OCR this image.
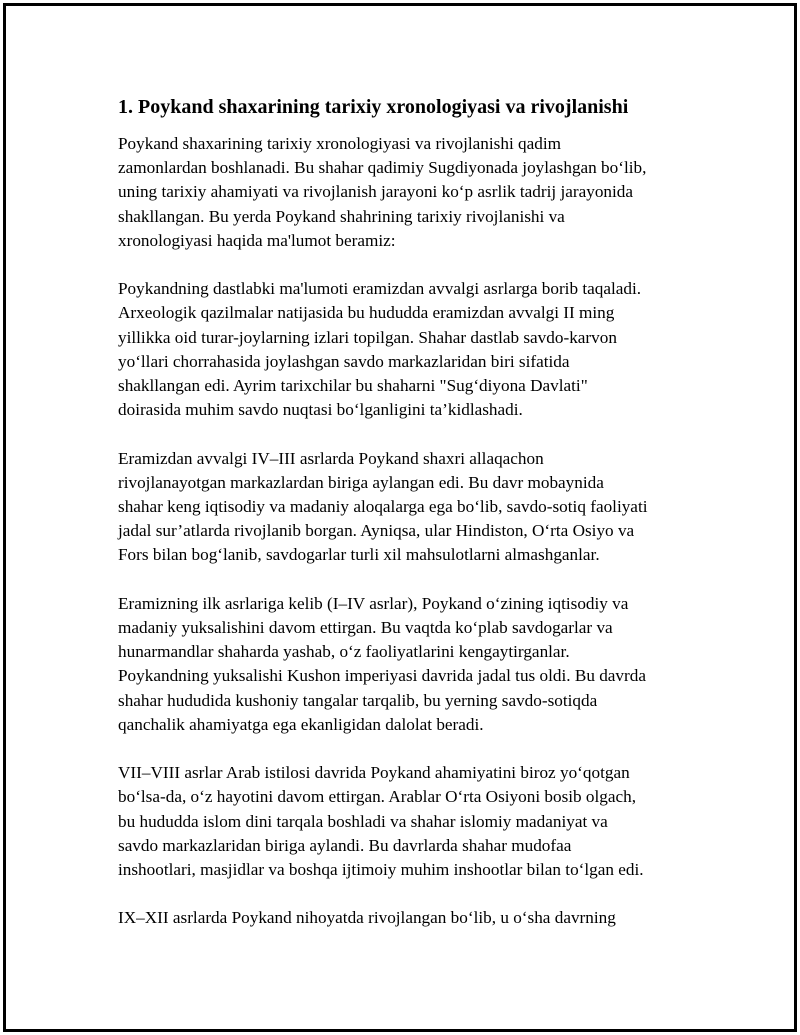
1. Poykand shaxarining tarixiy xronologiyasi va rivojlanishi

Poykand shaxarining tarixiy xronologiyasi va rivojlanishi qadim
zamonlardan boshlanadi. Bu shahar qadimiy Sugdiyonada joylashgan bo‘lib,
uning tarixiy ahamiyati va rivojlanish jarayoni ko‘p asrlik tadrij jarayonida
shakllangan. Bu yerda Poykand shahrining tarixiy rivojlanishi va
xronologiyasi haqida ma'lumot beramiz:

Poykandning dastlabki ma'lumoti eramizdan avvalgi asrlarga borib taqaladi.
Arxeologik qazilmalar natijasida bu hududda eramizdan avvalgi II ming
yillikka oid turar-joylarning izlari topilgan. Shahar dastlab savdo-karvon
yo‘llari chorrahasida joylashgan savdo markazlaridan biri sifatida
shakllangan edi. Ayrim tarixchilar bu shaharni "Sug‘diyona Davlati"
doirasida muhim savdo nuqtasi bo‘lganligini ta’kidlashadi.

Eramizdan avvalgi IV–III asrlarda Poykand shaxri allaqachon
rivojlanayotgan markazlardan biriga aylangan edi. Bu davr mobaynida
shahar keng iqtisodiy va madaniy aloqalarga ega bo‘lib, savdo-sotiq faoliyati
jadal sur’atlarda rivojlanib borgan. Ayniqsa, ular Hindiston, O‘rta Osiyo va
Fors bilan bog‘lanib, savdogarlar turli xil mahsulotlarni almashganlar.

Eramizning ilk asrlariga kelib (I–IV asrlar), Poykand o‘zining iqtisodiy va
madaniy yuksalishini davom ettirgan. Bu vaqtda ko‘plab savdogarlar va
hunarmandlar shaharda yashab, o‘z faoliyatlarini kengaytirganlar.
Poykandning yuksalishi Kushon imperiyasi davrida jadal tus oldi. Bu davrda
shahar hududida kushoniy tangalar tarqalib, bu yerning savdo-sotiqda
qanchalik ahamiyatga ega ekanligidan dalolat beradi.

VII–VIII asrlar Arab istilosi davrida Poykand ahamiyatini biroz yo‘qotgan
bo‘lsa-da, o‘z hayotini davom ettirgan. Arablar O‘rta Osiyoni bosib olgach,
bu hududda islom dini tarqala boshladi va shahar islomiy madaniyat va
savdo markazlaridan biriga aylandi. Bu davrlarda shahar mudofaa
inshootlari, masjidlar va boshqa ijtimoiy muhim inshootlar bilan to‘lgan edi.

IX–XII asrlarda Poykand nihoyatda rivojlangan bo‘lib, u o‘sha davrning
